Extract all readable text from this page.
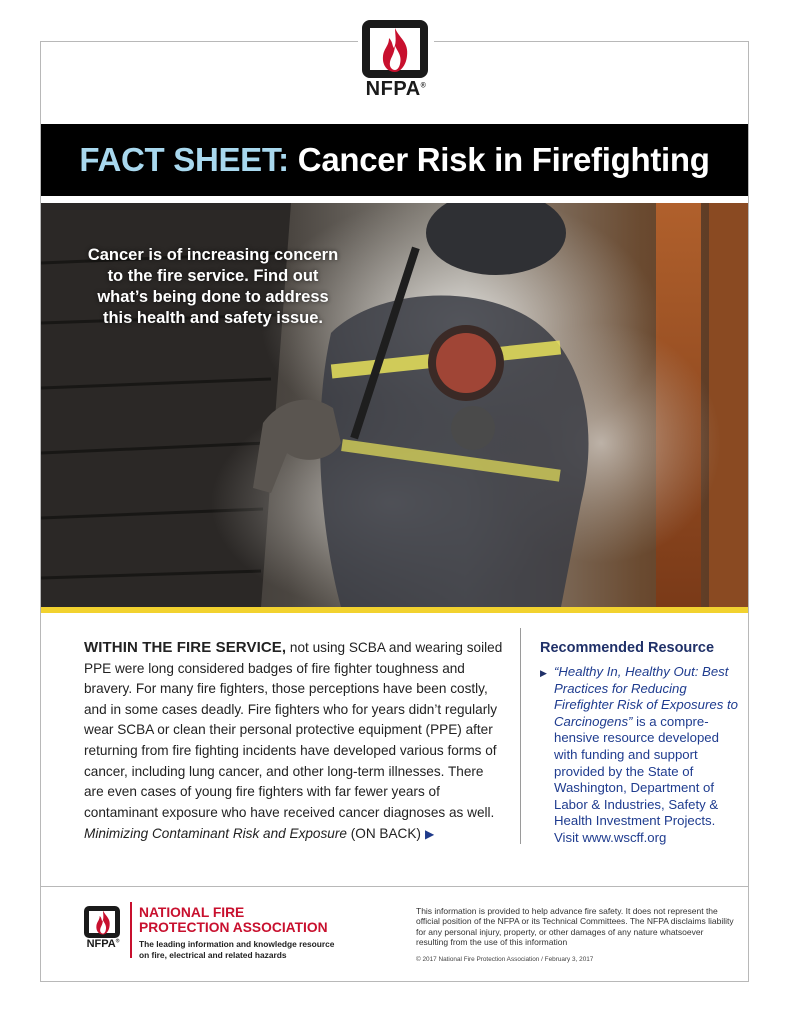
NFPA®
FACT SHEET: Cancer Risk in Firefighting
Cancer is of increasing concern
to the fire service. Find out
what’s being done to address
this health and safety issue.
WITHIN THE FIRE SERVICE, not using SCBA and wearing soiled PPE were long considered badges of fire fighter toughness and bravery. For many fire fighters, those perceptions have been costly, and in some cases deadly. Fire fighters who for years didn’t regularly wear SCBA or clean their personal protective equipment (PPE) after returning from fire fighting incidents have developed various forms of cancer, including lung cancer, and other long-term illnesses. There are even cases of young fire fighters with far fewer years of contaminant exposure who have received cancer diagnoses as well.
Minimizing Contaminant Risk and Exposure (ON BACK) ▶
Recommended Resource
▶ “Healthy In, Healthy Out: Best Practices for Reducing Firefighter Risk of Exposures to Carcinogens” is a comprehensive resource developed with funding and support provided by the State of Washington, Department of Labor & Industries, Safety & Health Investment Projects. Visit www.wscff.org
NFPA®
NATIONAL FIRE
PROTECTION ASSOCIATION
The leading information and knowledge resource
on fire, electrical and related hazards
This information is provided to help advance fire safety. It does not represent the official position of the NFPA or its Technical Committees. The NFPA disclaims liability for any personal injury, property, or other damages of any nature whatsoever resulting from the use of this information
© 2017 National Fire Protection Association / February 3, 2017
